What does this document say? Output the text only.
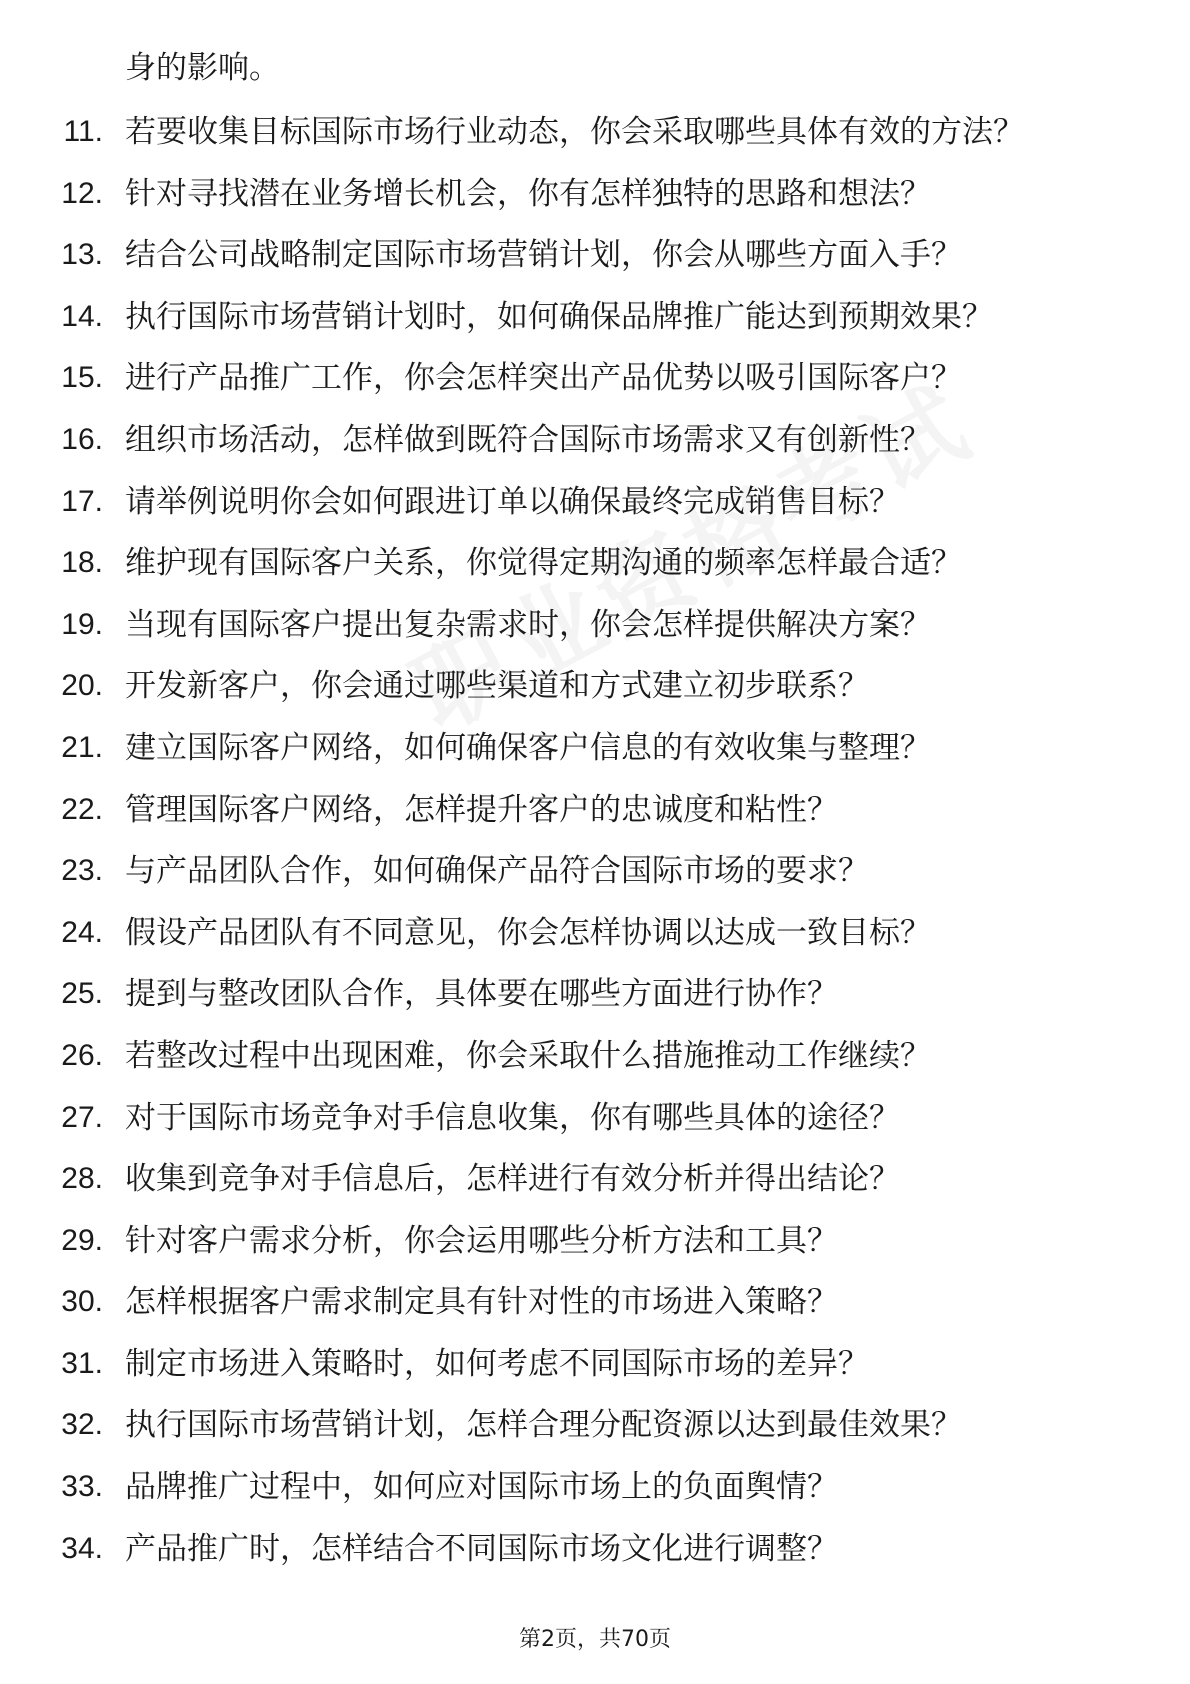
身的影响。

11. 若要收集目标国际市场行业动态，你会采取哪些具体有效的方法？
12. 针对寻找潜在业务增长机会，你有怎样独特的思路和想法？
13. 结合公司战略制定国际市场营销计划，你会从哪些方面入手？
14. 执行国际市场营销计划时，如何确保品牌推广能达到预期效果？
15. 进行产品推广工作，你会怎样突出产品优势以吸引国际客户？
16. 组织市场活动，怎样做到既符合国际市场需求又有创新性？
17. 请举例说明你会如何跟进订单以确保最终完成销售目标？
18. 维护现有国际客户关系，你觉得定期沟通的频率怎样最合适？
19. 当现有国际客户提出复杂需求时，你会怎样提供解决方案？
20. 开发新客户，你会通过哪些渠道和方式建立初步联系？
21. 建立国际客户网络，如何确保客户信息的有效收集与整理？
22. 管理国际客户网络，怎样提升客户的忠诚度和粘性？
23. 与产品团队合作，如何确保产品符合国际市场的要求？
24. 假设产品团队有不同意见，你会怎样协调以达成一致目标？
25. 提到与整改团队合作，具体要在哪些方面进行协作？
26. 若整改过程中出现困难，你会采取什么措施推动工作继续？
27. 对于国际市场竞争对手信息收集，你有哪些具体的途径？
28. 收集到竞争对手信息后，怎样进行有效分析并得出结论？
29. 针对客户需求分析，你会运用哪些分析方法和工具？
30. 怎样根据客户需求制定具有针对性的市场进入策略？
31. 制定市场进入策略时，如何考虑不同国际市场的差异？
32. 执行国际市场营销计划，怎样合理分配资源以达到最佳效果？
33. 品牌推广过程中，如何应对国际市场上的负面舆情？
34. 产品推广时，怎样结合不同国际市场文化进行调整？
第2页，共70页
